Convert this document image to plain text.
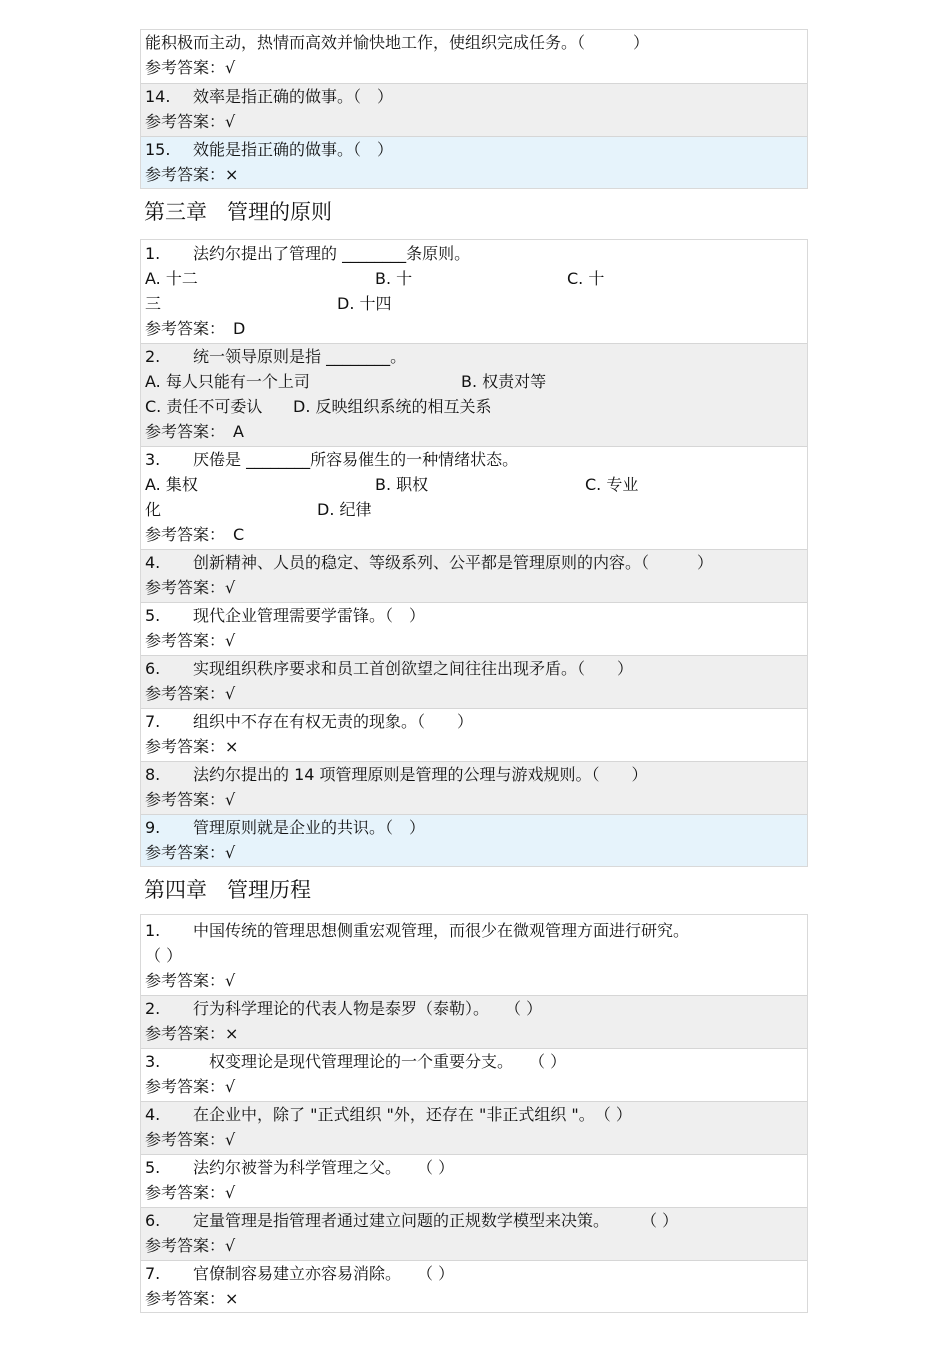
能积极而主动，热情而高效并愉快地工作，使组织完成任务。（　　　）
参考答案：√
14. 效率是指正确的做事。（　）
参考答案：√
15. 效能是指正确的做事。（　）
参考答案：×
第三章 管理的原则
1. 法约尔提出了管理的 ________条原则。
A. 十二	B. 十	C. 十
三	D. 十四
参考答案： D
2. 统一领导原则是指 ________。
A. 每人只能有一个上司	B. 权责对等
C. 责任不可委认 D. 反映组织系统的相互关系
参考答案： A
3. 厌倦是 ________所容易催生的一种情绪状态。
A. 集权	B. 职权	C. 专业
化	D. 纪律
参考答案： C
4. 创新精神、人员的稳定、等级系列、公平都是管理原则的内容。（　　　）
参考答案：√
5. 现代企业管理需要学雷锋。（　）
参考答案：√
6. 实现组织秩序要求和员工首创欲望之间往往出现矛盾。（　　）
参考答案：√
7. 组织中不存在有权无责的现象。（　　）
参考答案：×
8. 法约尔提出的 14 项管理原则是管理的公理与游戏规则。（　　）
参考答案：√
9. 管理原则就是企业的共识。（　）
参考答案：√
第四章 管理历程
1. 中国传统的管理思想侧重宏观管理，而很少在微观管理方面进行研究。
（ ）
参考答案：√
2. 行为科学理论的代表人物是泰罗（泰勒）。　　（ ）
参考答案：×
3.　权变理论是现代管理理论的一个重要分支。　　（ ）
参考答案：√
4. 在企业中，除了 "正式组织 "外，还存在 "非正式组织 "。　（ ）
参考答案：√
5. 法约尔被誉为科学管理之父。　　（ ）
参考答案：√
6. 定量管理是指管理者通过建立问题的正规数学模型来决策。　　　（ ）
参考答案：√
7. 官僚制容易建立亦容易消除。　　（ ）
参考答案：×
